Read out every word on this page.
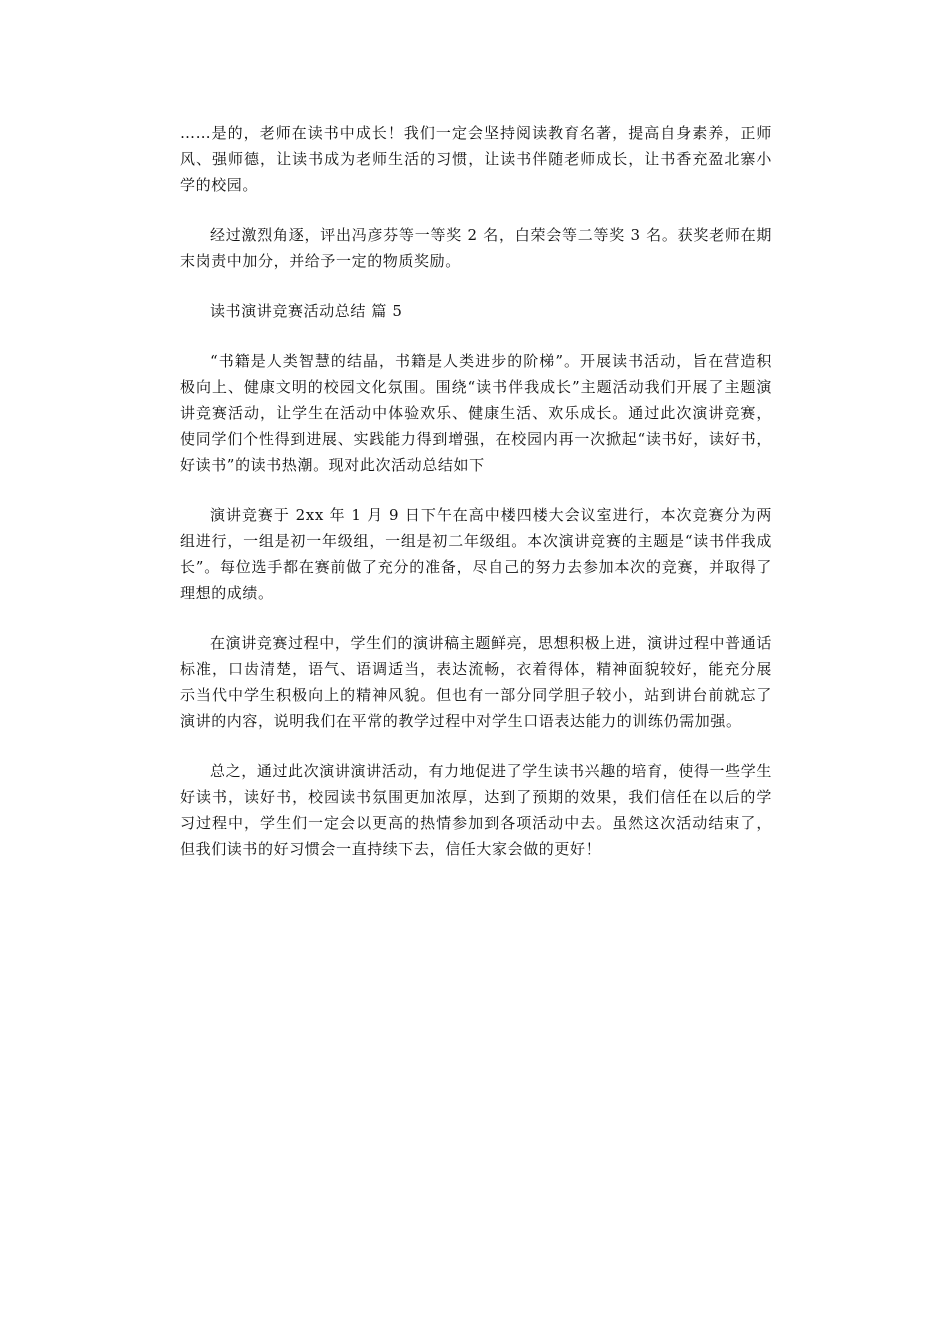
……是的，老师在读书中成长！我们一定会坚持阅读教育名著，提高自身素养，正师风、强师德，让读书成为老师生活的习惯，让读书伴随老师成长，让书香充盈北寨小学的校园。

经过激烈角逐，评出冯彦芬等一等奖 2 名，白荣会等二等奖 3 名。获奖老师在期末岗责中加分，并给予一定的物质奖励。

读书演讲竞赛活动总结 篇 5

“书籍是人类智慧的结晶，书籍是人类进步的阶梯”。开展读书活动，旨在营造积极向上、健康文明的校园文化氛围。围绕“读书伴我成长”主题活动我们开展了主题演讲竞赛活动，让学生在活动中体验欢乐、健康生活、欢乐成长。通过此次演讲竞赛，使同学们个性得到进展、实践能力得到增强，在校园内再一次掀起“读书好，读好书，好读书”的读书热潮。现对此次活动总结如下

演讲竞赛于 2xx 年 1 月 9 日下午在高中楼四楼大会议室进行，本次竞赛分为两组进行，一组是初一年级组，一组是初二年级组。本次演讲竞赛的主题是“读书伴我成长”。每位选手都在赛前做了充分的准备，尽自己的努力去参加本次的竞赛，并取得了理想的成绩。

在演讲竞赛过程中，学生们的演讲稿主题鲜亮，思想积极上进，演讲过程中普通话标准，口齿清楚，语气、语调适当，表达流畅，衣着得体，精神面貌较好，能充分展示当代中学生积极向上的精神风貌。但也有一部分同学胆子较小，站到讲台前就忘了演讲的内容，说明我们在平常的教学过程中对学生口语表达能力的训练仍需加强。

总之，通过此次演讲演讲活动，有力地促进了学生读书兴趣的培育，使得一些学生好读书，读好书，校园读书氛围更加浓厚，达到了预期的效果，我们信任在以后的学习过程中，学生们一定会以更高的热情参加到各项活动中去。虽然这次活动结束了，但我们读书的好习惯会一直持续下去，信任大家会做的更好！
